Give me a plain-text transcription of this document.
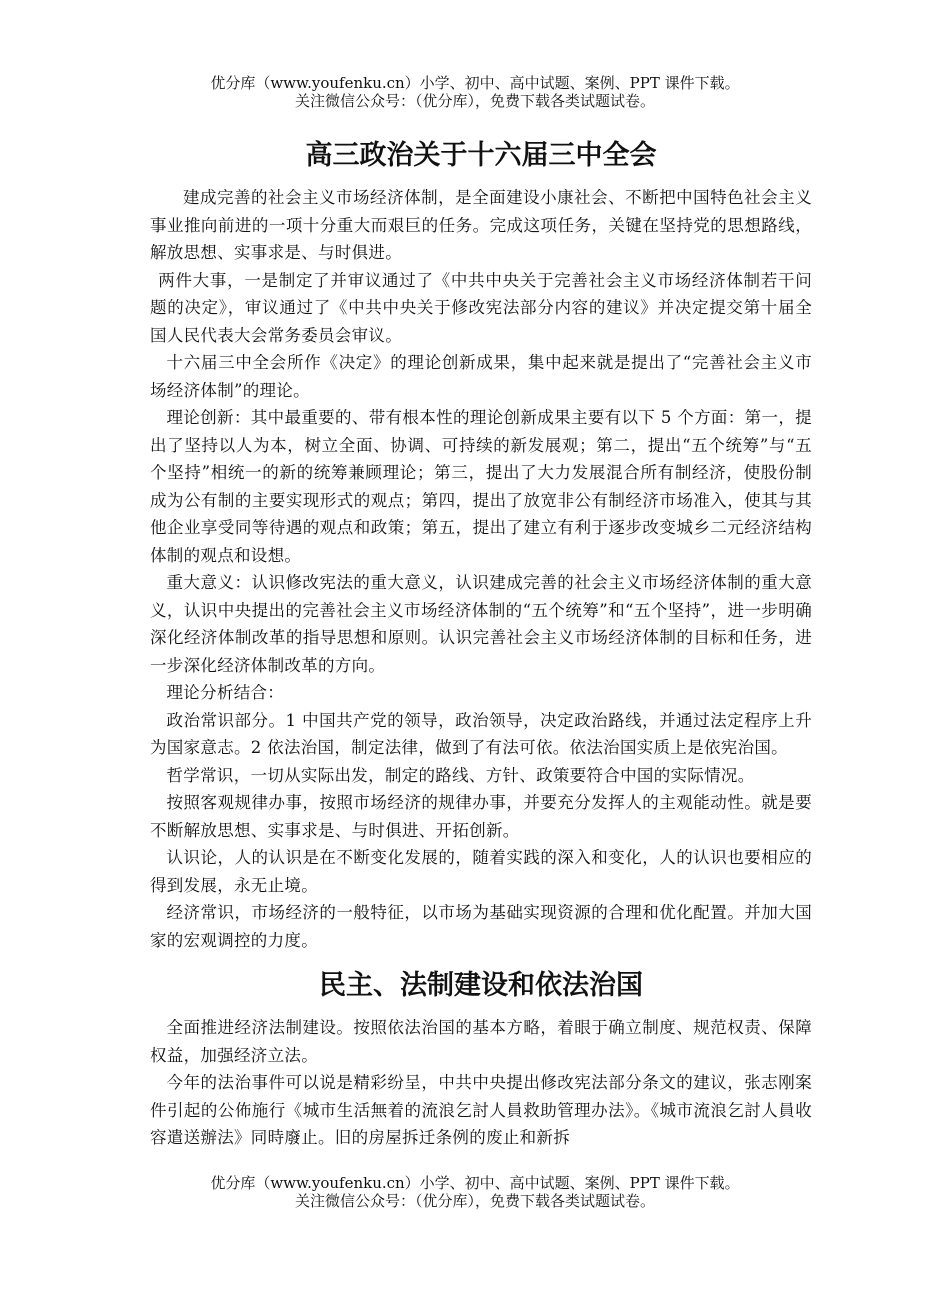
优分库（www.youfenku.cn）小学、初中、高中试题、案例、PPT 课件下载。
关注微信公众号：（优分库），免费下载各类试题试卷。
高三政治关于十六届三中全会

建成完善的社会主义市场经济体制，是全面建设小康社会、不断把中国特色社会主义事业推向前进的一项十分重大而艰巨的任务。完成这项任务，关键在坚持党的思想路线，解放思想、实事求是、与时俱进。

两件大事，一是制定了并审议通过了《中共中央关于完善社会主义市场经济体制若干问题的决定》，审议通过了《中共中央关于修改宪法部分内容的建议》并决定提交第十届全国人民代表大会常务委员会审议。

十六届三中全会所作《决定》的理论创新成果，集中起来就是提出了“完善社会主义市场经济体制”的理论。

理论创新：其中最重要的、带有根本性的理论创新成果主要有以下 5 个方面：第一，提出了坚持以人为本，树立全面、协调、可持续的新发展观；第二，提出“五个统筹”与“五个坚持”相统一的新的统筹兼顾理论；第三，提出了大力发展混合所有制经济，使股份制成为公有制的主要实现形式的观点；第四，提出了放宽非公有制经济市场准入，使其与其他企业享受同等待遇的观点和政策；第五，提出了建立有利于逐步改变城乡二元经济结构体制的观点和设想。

重大意义：认识修改宪法的重大意义，认识建成完善的社会主义市场经济体制的重大意义，认识中央提出的完善社会主义市场经济体制的“五个统筹”和“五个坚持”，进一步明确深化经济体制改革的指导思想和原则。认识完善社会主义市场经济体制的目标和任务，进一步深化经济体制改革的方向。

理论分析结合：

政治常识部分。1 中国共产党的领导，政治领导，决定政治路线，并通过法定程序上升为国家意志。2 依法治国，制定法律，做到了有法可依。依法治国实质上是依宪治国。

哲学常识，一切从实际出发，制定的路线、方针、政策要符合中国的实际情况。

按照客观规律办事，按照市场经济的规律办事，并要充分发挥人的主观能动性。就是要不断解放思想、实事求是、与时俱进、开拓创新。

认识论，人的认识是在不断变化发展的，随着实践的深入和变化，人的认识也要相应的得到发展，永无止境。

经济常识，市场经济的一般特征，以市场为基础实现资源的合理和优化配置。并加大国家的宏观调控的力度。

民主、法制建设和依法治国

全面推进经济法制建设。按照依法治国的基本方略，着眼于确立制度、规范权责、保障权益，加强经济立法。

今年的法治事件可以说是精彩纷呈，中共中央提出修改宪法部分条文的建议，张志刚案件引起的公佈施行《城市生活無着的流浪乞討人員救助管理办法》。《城市流浪乞討人員收容遣送辦法》同時廢止。旧的房屋拆迁条例的废止和新拆

优分库（www.youfenku.cn）小学、初中、高中试题、案例、PPT 课件下载。
关注微信公众号：（优分库），免费下载各类试题试卷。
